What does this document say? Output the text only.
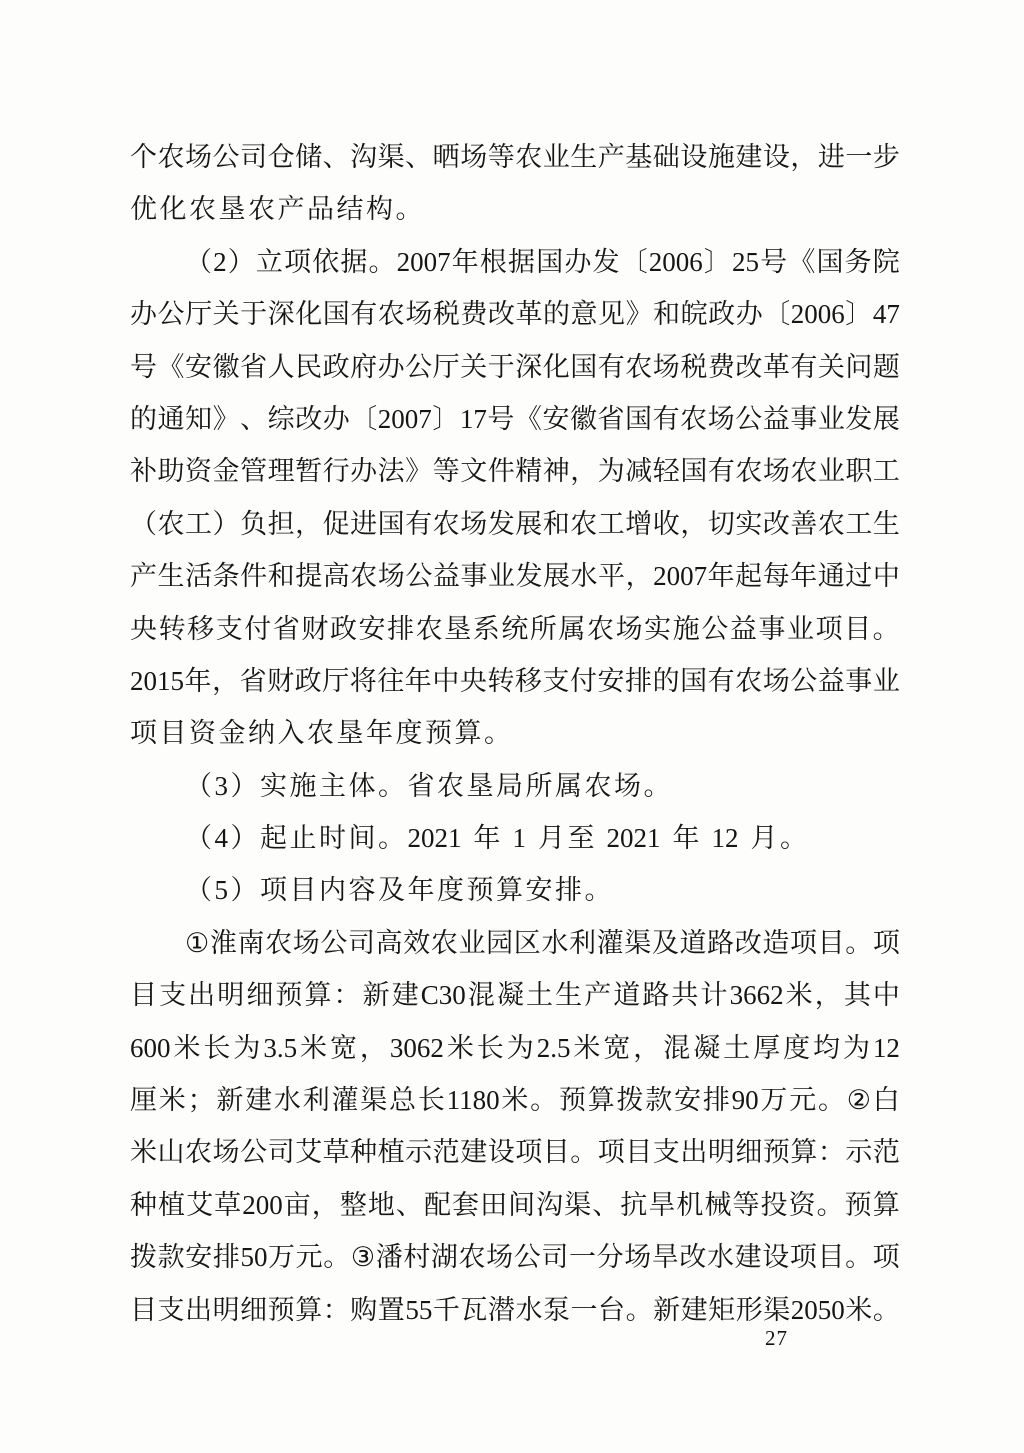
个 农 场 公 司 仓 储 、 沟 渠 、 晒 场 等 农 业 生 产 基 础 设 施 建 设 ， 进 一 步
优 化 农 垦 农 产 品 结 构 。
（ 2 ） 立 项 依 据 。 2007 年 根 据 国 办 发 〔 2006 〕 25 号 《 国 务 院
办 公 厅 关 于 深 化 国 有 农 场 税 费 改 革 的 意 见 》 和 皖 政 办 〔 2006 〕 47
号 《 安 徽 省 人 民 政 府 办 公 厅 关 于 深 化 国 有 农 场 税 费 改 革 有 关 问 题
的 通 知 》 、 综 改 办 〔 2007 〕 17 号 《 安 徽 省 国 有 农 场 公 益 事 业 发 展
补 助 资 金 管 理 暂 行 办 法 》 等 文 件 精 神 ， 为 减 轻 国 有 农 场 农 业 职 工
（ 农 工 ） 负 担 ， 促 进 国 有 农 场 发 展 和 农 工 增 收 ， 切 实 改 善 农 工 生
产 生 活 条 件 和 提 高 农 场 公 益 事 业 发 展 水 平 ， 2007 年 起 每 年 通 过 中
央 转 移 支 付 省 财 政 安 排 农 垦 系 统 所 属 农 场 实 施 公 益 事 业 项 目 。
2015 年 ， 省 财 政 厅 将 往 年 中 央 转 移 支 付 安 排 的 国 有 农 场 公 益 事 业
项 目 资 金 纳 入 农 垦 年 度 预 算 。
（ 3 ） 实 施 主 体 。 省 农 垦 局 所 属 农 场 。
（ 4 ） 起 止 时 间 。 2021 年 1 月 至 2021 年 12 月 。
（ 5 ） 项 目 内 容 及 年 度 预 算 安 排 。
① 淮 南 农 场 公 司 高 效 农 业 园 区 水 利 灌 渠 及 道 路 改 造 项 目 。 项
目 支 出 明 细 预 算 ： 新 建 C30 混 凝 土 生 产 道 路 共 计 3662 米 ， 其 中
600 米 长 为 3.5 米 宽 ， 3062 米 长 为 2.5 米 宽 ， 混 凝 土 厚 度 均 为 12
厘 米 ； 新 建 水 利 灌 渠 总 长 1180 米 。 预 算 拨 款 安 排 90 万 元 。 ② 白
米 山 农 场 公 司 艾 草 种 植 示 范 建 设 项 目 。 项 目 支 出 明 细 预 算 ： 示 范
种 植 艾 草 200 亩 ， 整 地 、 配 套 田 间 沟 渠 、 抗 旱 机 械 等 投 资 。 预 算
拨 款 安 排 50 万 元 。 ③ 潘 村 湖 农 场 公 司 一 分 场 旱 改 水 建 设 项 目 。 项
目 支 出 明 细 预 算 ： 购 置 55 千 瓦 潜 水 泵 一 台 。 新 建 矩 形 渠 2050 米 。
27
